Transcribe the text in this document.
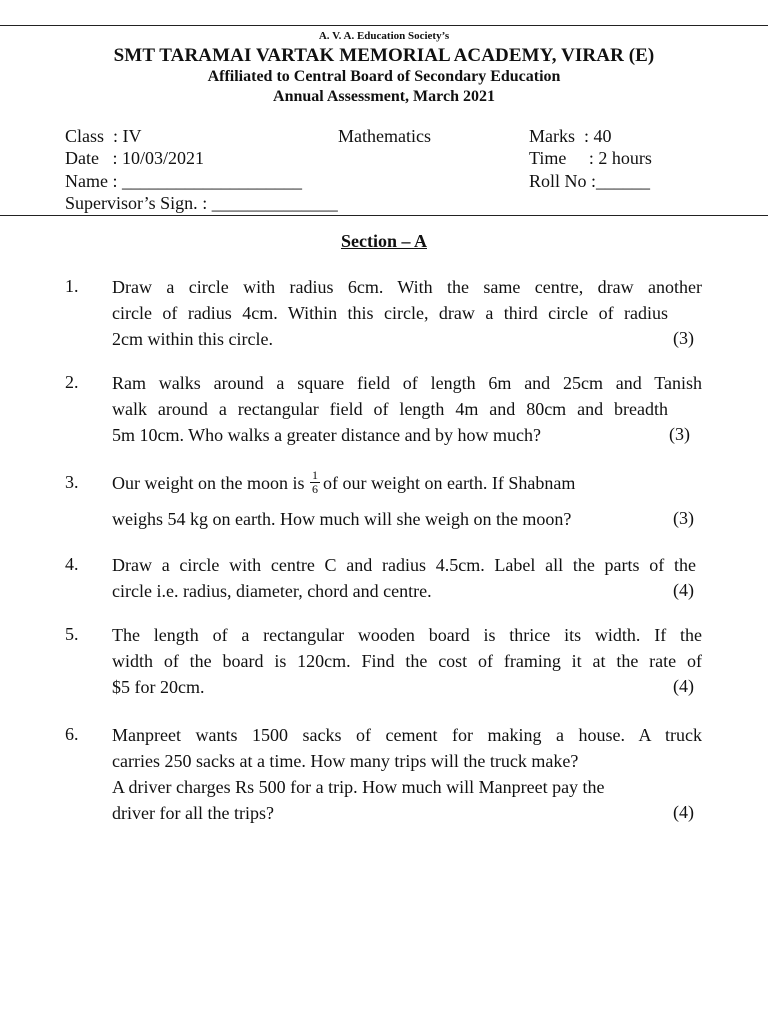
A. V. A. Education Society’s
SMT TARAMAI VARTAK MEMORIAL ACADEMY, VIRAR (E)
Affiliated to Central Board of Secondary Education
Annual Assessment, March 2021
Class : IV	Mathematics	Marks : 40
Date : 10/03/2021	Time : 2 hours
Name : ____________________	Roll No :______
Supervisor’s Sign. : ______________
Section – A
1. Draw a circle with radius 6cm. With the same centre, draw another
circle of radius 4cm. Within this circle, draw a third circle of radius
2cm within this circle.	(3)
2. Ram walks around a square field of length 6m and 25cm and Tanish
walk around a rectangular field of length 4m and 80cm and breadth
5m 10cm. Who walks a greater distance and by how much?	(3)
3. Our weight on the moon is $\frac{1}{6}$ of our weight on earth. If Shabnam
weighs 54 kg on earth. How much will she weigh on the moon?	(3)
4. Draw a circle with centre C and radius 4.5cm. Label all the parts of the
circle i.e. radius, diameter, chord and centre.	(4)
5. The length of a rectangular wooden board is thrice its width. If the
width of the board is 120cm. Find the cost of framing it at the rate of
$5 for 20cm.	(4)
6. Manpreet wants 1500 sacks of cement for making a house. A truck
carries 250 sacks at a time. How many trips will the truck make?
A driver charges Rs 500 for a trip. How much will Manpreet pay the
driver for all the trips?	(4)
